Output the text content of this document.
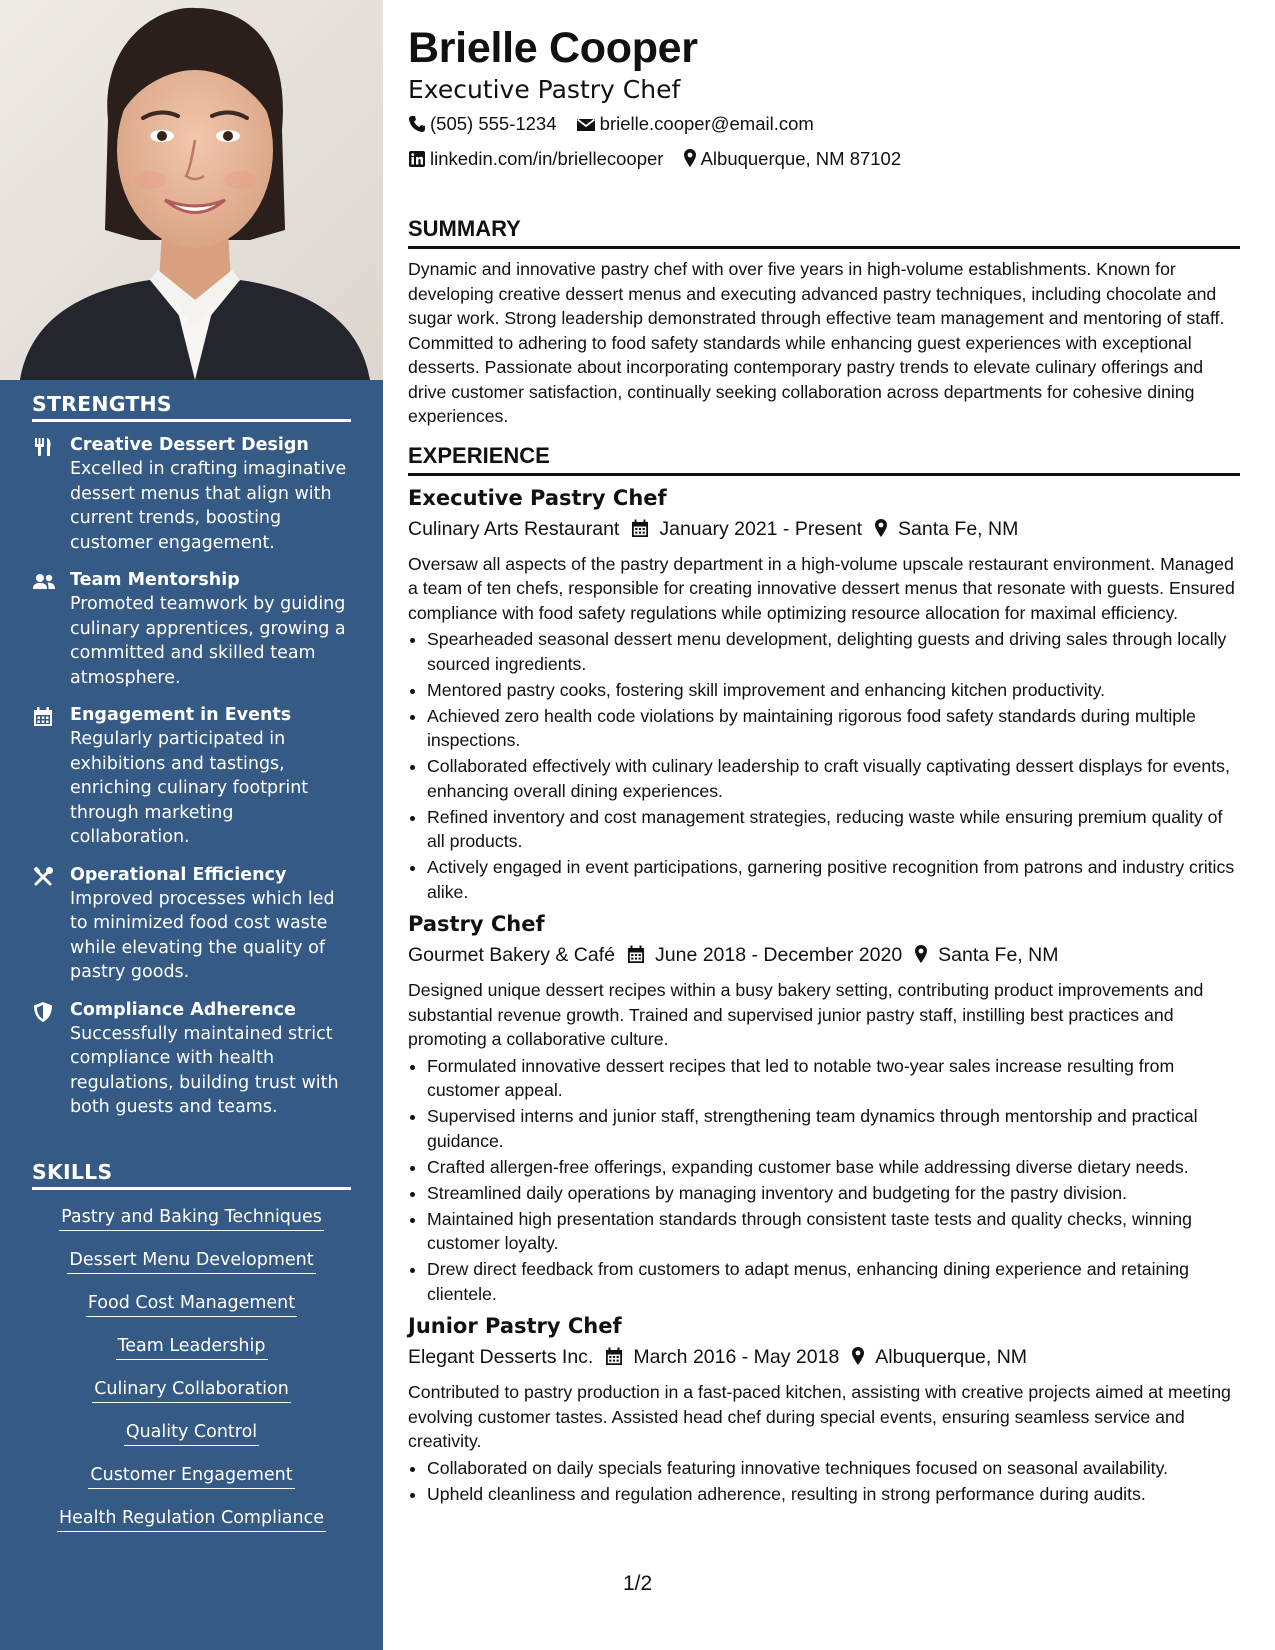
STRENGTHS
Creative Dessert Design
Excelled in crafting imaginative dessert menus that align with current trends, boosting customer engagement.
Team Mentorship
Promoted teamwork by guiding culinary apprentices, growing a committed and skilled team atmosphere.
Engagement in Events
Regularly participated in exhibitions and tastings, enriching culinary footprint through marketing collaboration.
Operational Efficiency
Improved processes which led to minimized food cost waste while elevating the quality of pastry goods.
Compliance Adherence
Successfully maintained strict compliance with health regulations, building trust with both guests and teams.
SKILLS
Pastry and Baking Techniques
Dessert Menu Development
Food Cost Management
Team Leadership
Culinary Collaboration
Quality Control
Customer Engagement
Health Regulation Compliance
Brielle Cooper
Executive Pastry Chef
(505) 555-1234 brielle.cooper@email.com
linkedin.com/in/briellecooper Albuquerque, NM 87102
SUMMARY
Dynamic and innovative pastry chef with over five years in high-volume establishments. Known for developing creative dessert menus and executing advanced pastry techniques, including chocolate and sugar work. Strong leadership demonstrated through effective team management and mentoring of staff. Committed to adhering to food safety standards while enhancing guest experiences with exceptional desserts. Passionate about incorporating contemporary pastry trends to elevate culinary offerings and drive customer satisfaction, continually seeking collaboration across departments for cohesive dining experiences.
EXPERIENCE
Executive Pastry Chef
Culinary Arts Restaurant January 2021 - Present Santa Fe, NM
Oversaw all aspects of the pastry department in a high-volume upscale restaurant environment. Managed a team of ten chefs, responsible for creating innovative dessert menus that resonate with guests. Ensured compliance with food safety regulations while optimizing resource allocation for maximal efficiency.
• Spearheaded seasonal dessert menu development, delighting guests and driving sales through locally sourced ingredients.
• Mentored pastry cooks, fostering skill improvement and enhancing kitchen productivity.
• Achieved zero health code violations by maintaining rigorous food safety standards during multiple inspections.
• Collaborated effectively with culinary leadership to craft visually captivating dessert displays for events, enhancing overall dining experiences.
• Refined inventory and cost management strategies, reducing waste while ensuring premium quality of all products.
• Actively engaged in event participations, garnering positive recognition from patrons and industry critics alike.
Pastry Chef
Gourmet Bakery & Café June 2018 - December 2020 Santa Fe, NM
Designed unique dessert recipes within a busy bakery setting, contributing product improvements and substantial revenue growth. Trained and supervised junior pastry staff, instilling best practices and promoting a collaborative culture.
• Formulated innovative dessert recipes that led to notable two-year sales increase resulting from customer appeal.
• Supervised interns and junior staff, strengthening team dynamics through mentorship and practical guidance.
• Crafted allergen-free offerings, expanding customer base while addressing diverse dietary needs.
• Streamlined daily operations by managing inventory and budgeting for the pastry division.
• Maintained high presentation standards through consistent taste tests and quality checks, winning customer loyalty.
• Drew direct feedback from customers to adapt menus, enhancing dining experience and retaining clientele.
Junior Pastry Chef
Elegant Desserts Inc. March 2016 - May 2018 Albuquerque, NM
Contributed to pastry production in a fast-paced kitchen, assisting with creative projects aimed at meeting evolving customer tastes. Assisted head chef during special events, ensuring seamless service and creativity.
• Collaborated on daily specials featuring innovative techniques focused on seasonal availability.
• Upheld cleanliness and regulation adherence, resulting in strong performance during audits.
1/2
